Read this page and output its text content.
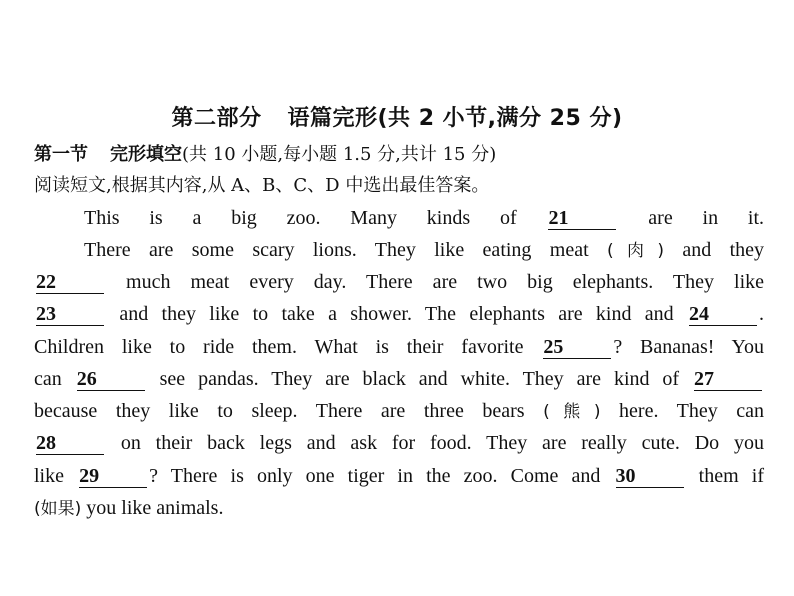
第二部分 语篇完形(共 2 小节,满分 25 分)
第一节 完形填空(共 10 小题,每小题 1.5 分,共计 15 分)
阅读短文,根据其内容,从 A、B、C、D 中选出最佳答案。
This is a big zoo. Many kinds of 21	are in it.
There are some scary lions. They like eating meat (肉) and they
22	much meat every day. There are two big elephants. They like
23	and they like to take a shower. The elephants are kind and 24	.
Children like to ride them. What is their favorite 25	? Bananas! You
can 26	see pandas. They are black and white. They are kind of 27
because they like to sleep. There are three bears (熊) here. They can
28	on their back legs and ask for food. They are really cute. Do you
like 29	? There is only one tiger in the zoo. Come and 30	them if
(如果) you like animals.
